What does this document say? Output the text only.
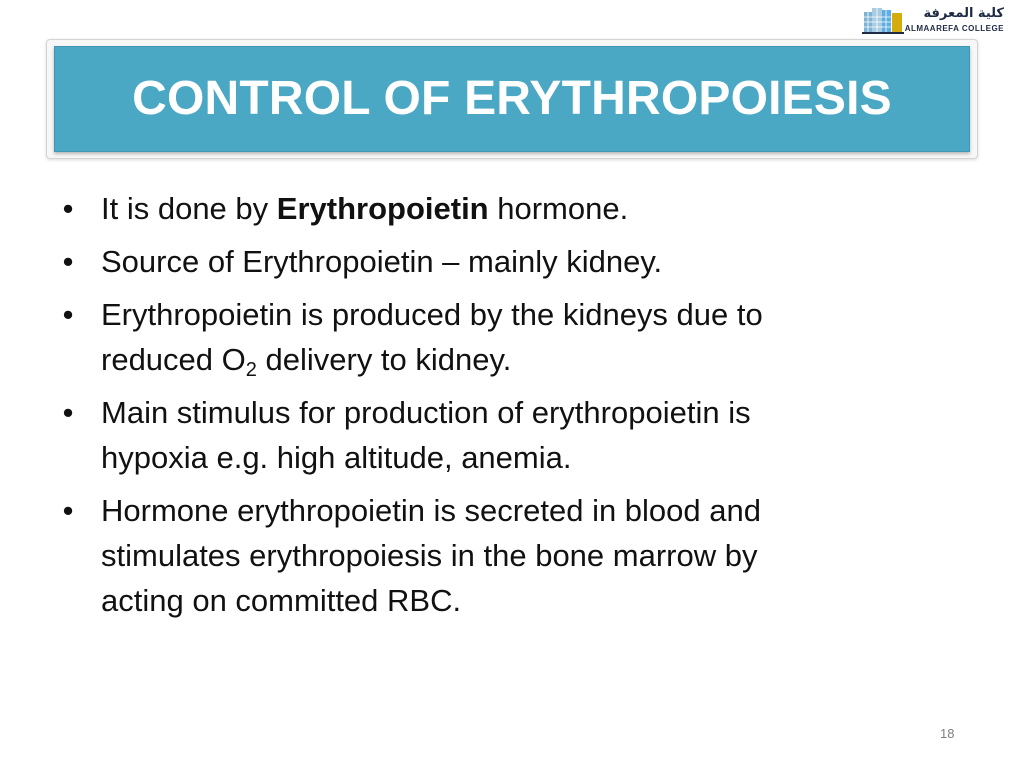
كلية المعرفة
ALMAAREFA COLLEGE
CONTROL OF ERYTHROPOIESIS
• It is done by Erythropoietin hormone.
• Source of Erythropoietin – mainly kidney.
• Erythropoietin is produced by the kidneys due to
reduced $O_2$ delivery to kidney.
• Main stimulus for production of erythropoietin is
hypoxia e.g. high altitude, anemia.
• Hormone erythropoietin is secreted in blood and
stimulates erythropoiesis in the bone marrow by
acting on committed RBC.
18
